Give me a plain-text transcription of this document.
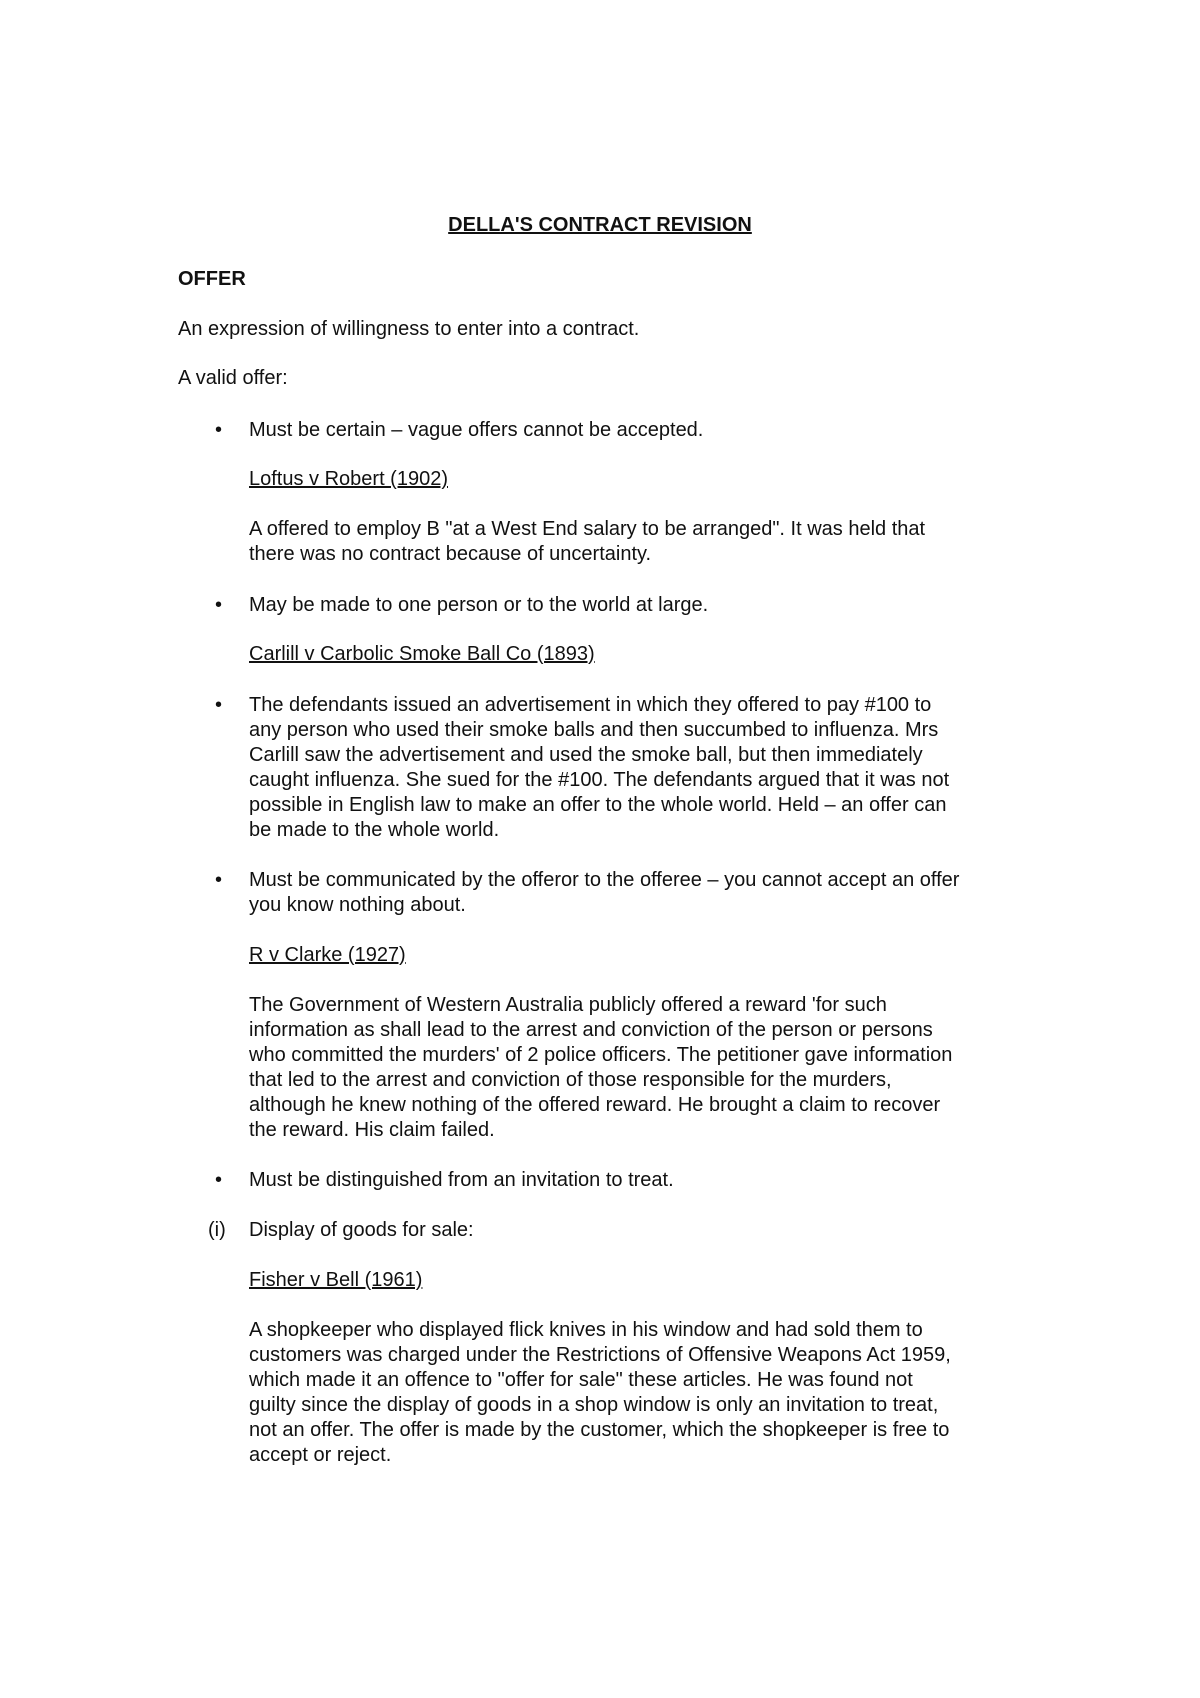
DELLA'S CONTRACT REVISION
OFFER
An expression of willingness to enter into a contract.
A valid offer:
• Must be certain – vague offers cannot be accepted.
Loftus v Robert (1902)
A offered to employ B "at a West End salary to be arranged". It was held that
there was no contract because of uncertainty.
• May be made to one person or to the world at large.
Carlill v Carbolic Smoke Ball Co (1893)
• The defendants issued an advertisement in which they offered to pay #100 to
any person who used their smoke balls and then succumbed to influenza. Mrs
Carlill saw the advertisement and used the smoke ball, but then immediately
caught influenza. She sued for the #100. The defendants argued that it was not
possible in English law to make an offer to the whole world. Held – an offer can
be made to the whole world.
• Must be communicated by the offeror to the offeree – you cannot accept an offer
you know nothing about.
R v Clarke (1927)
The Government of Western Australia publicly offered a reward 'for such
information as shall lead to the arrest and conviction of the person or persons
who committed the murders' of 2 police officers. The petitioner gave information
that led to the arrest and conviction of those responsible for the murders,
although he knew nothing of the offered reward. He brought a claim to recover
the reward. His claim failed.
• Must be distinguished from an invitation to treat.
(i) Display of goods for sale:
Fisher v Bell (1961)
A shopkeeper who displayed flick knives in his window and had sold them to
customers was charged under the Restrictions of Offensive Weapons Act 1959,
which made it an offence to "offer for sale" these articles. He was found not
guilty since the display of goods in a shop window is only an invitation to treat,
not an offer. The offer is made by the customer, which the shopkeeper is free to
accept or reject.
